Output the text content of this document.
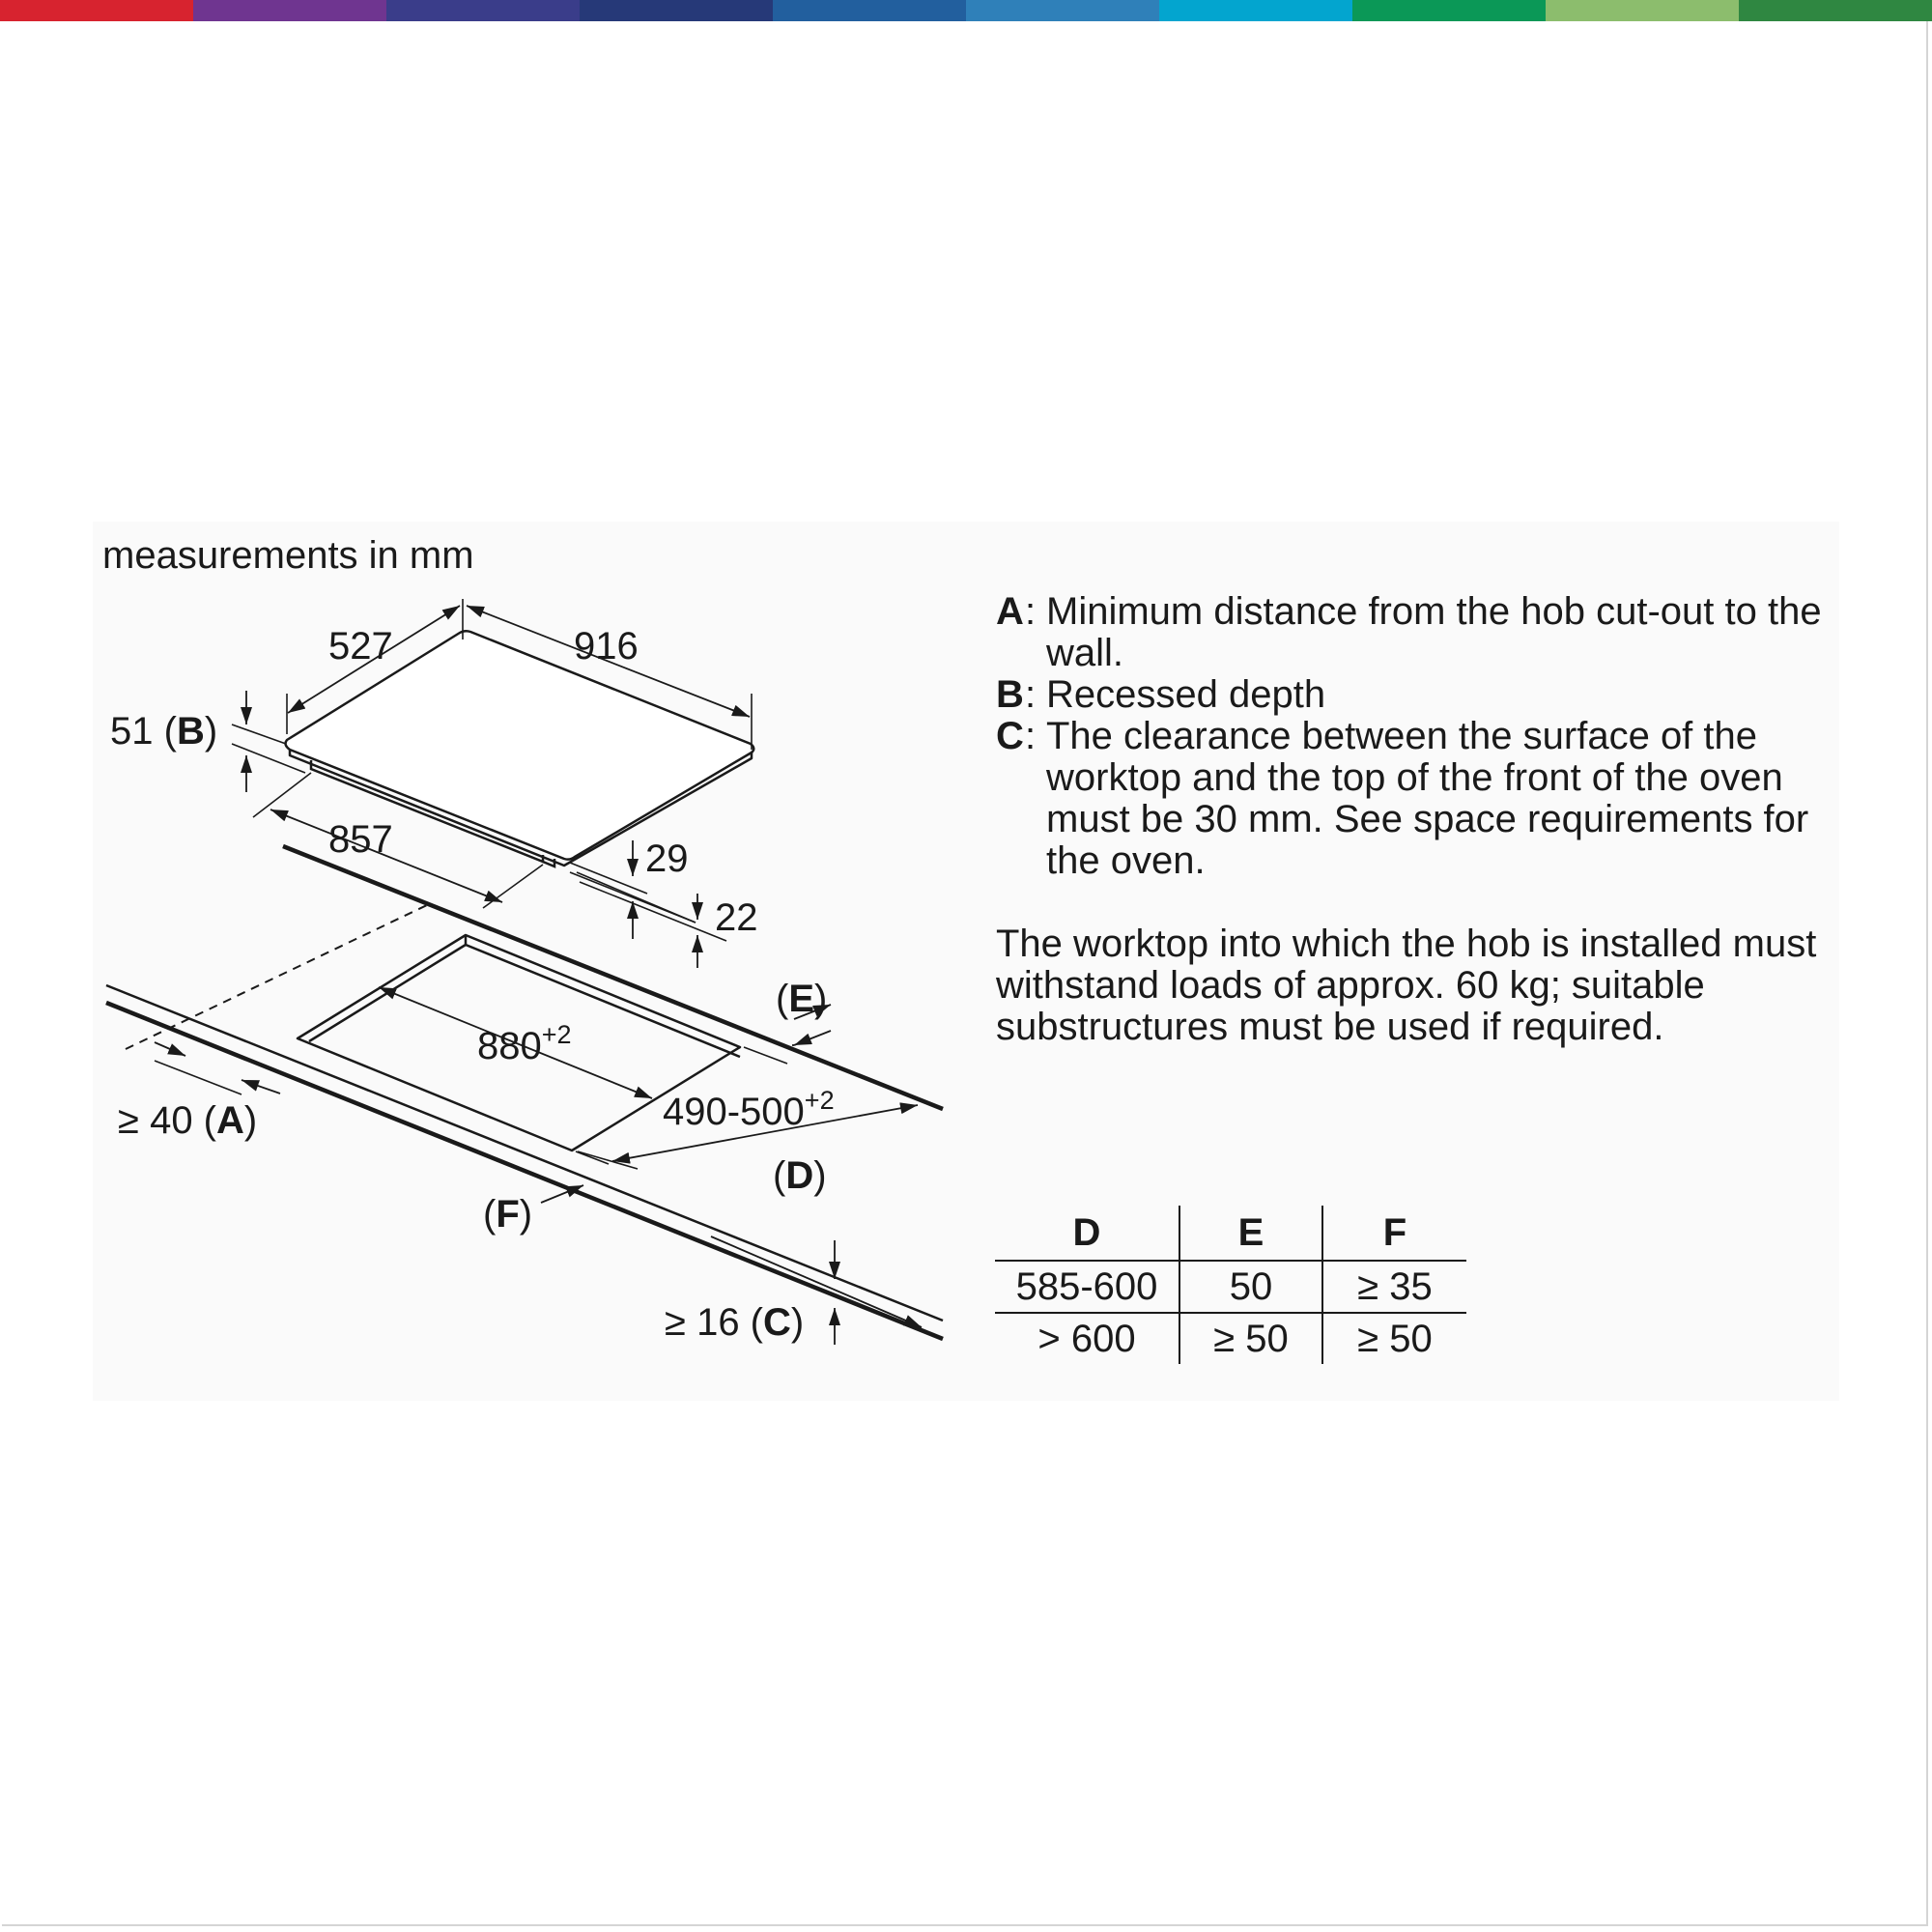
measurements in mm
527	916
51 (B)
857	29
22
(E)
$880^{+2}$
≥ 40 (A)	$490-500^{+2}$
(D)
(F)
≥ 16 (C)
A : Minimum distance from the hob cut-out to the wall.
B : Recessed depth
C : The clearance between the surface of the worktop and the top of the front of the oven must be 30 mm. See space requirements for the oven.
The worktop into which the hob is installed must withstand loads of approx. 60 kg; suitable substructures must be used if required.
D	E	F
585-600	50	≥ 35
> 600	≥ 50	≥ 50
